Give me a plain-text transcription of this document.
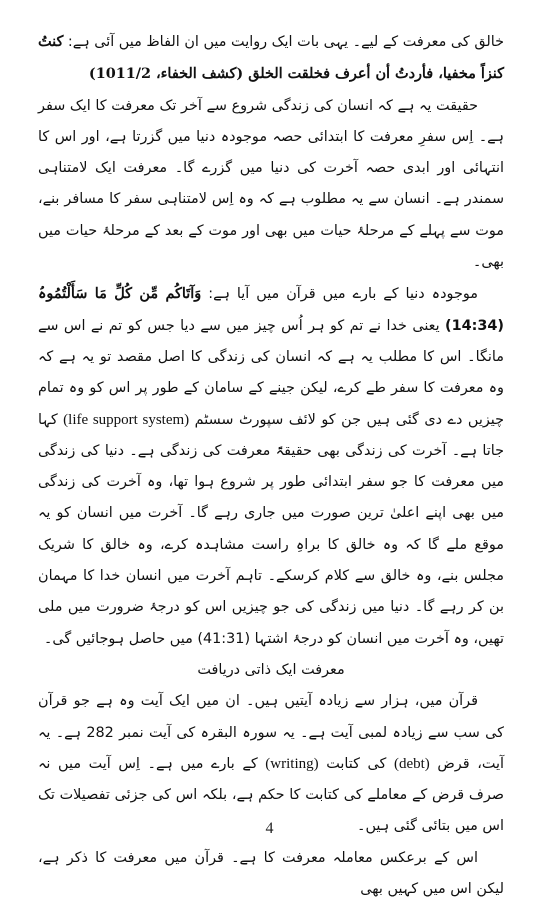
خالق کی معرفت کے لیے۔ یہی بات ایک روایت میں ان الفاظ میں آئی ہے: کنتُ کنزاً مخفیا، فأردتُ أن أعرف فخلقت الخلق (کشف الخفاء، 1011/2)

حقیقت یہ ہے کہ انسان کی زندگی شروع سے آخر تک معرفت کا ایک سفر ہے۔ اِس سفرِ معرفت کا ابتدائی حصہ موجودہ دنیا میں گزرتا ہے، اور اس کا انتہائی اور ابدی حصہ آخرت کی دنیا میں گزرے گا۔ معرفت ایک لامتناہی سمندر ہے۔ انسان سے یہ مطلوب ہے کہ وہ اِس لامتناہی سفر کا مسافر بنے، موت سے پہلے کے مرحلۂ حیات میں بھی اور موت کے بعد کے مرحلۂ حیات میں بھی۔

موجودہ دنیا کے بارے میں قرآن میں آیا ہے: وَآتَاکُم مِّن کُلِّ مَا سَأَلْتُمُوہُ (14:34) یعنی خدا نے تم کو ہر اُس چیز میں سے دیا جس کو تم نے اس سے مانگا۔ اس کا مطلب یہ ہے کہ انسان کی زندگی کا اصل مقصد تو یہ ہے کہ وہ معرفت کا سفر طے کرے، لیکن جینے کے سامان کے طور پر اس کو وہ تمام چیزیں دے دی گئی ہیں جن کو لائف سپورٹ سسٹم (life support system) کہا جاتا ہے۔ آخرت کی زندگی بھی حقیقۃً معرفت کی زندگی ہے۔ دنیا کی زندگی میں معرفت کا جو سفر ابتدائی طور پر شروع ہوا تھا، وہ آخرت کی زندگی میں بھی اپنے اعلیٰ ترین صورت میں جاری رہے گا۔ آخرت میں انسان کو یہ موقع ملے گا کہ وہ خالق کا براہِ راست مشاہدہ کرے، وہ خالق کا شریک مجلس بنے، وہ خالق سے کلام کرسکے۔ تاہم آخرت میں انسان خدا کا مہمان بن کر رہے گا۔ دنیا میں زندگی کی جو چیزیں اس کو درجۂ ضرورت میں ملی تھیں، وہ آخرت میں انسان کو درجۂ اشتہا (41:31) میں حاصل ہوجائیں گی۔

معرفت ایک ذاتی دریافت

قرآن میں، ہزار سے زیادہ آیتیں ہیں۔ ان میں ایک آیت وہ ہے جو قرآن کی سب سے زیادہ لمبی آیت ہے۔ یہ سورہ البقرہ کی آیت نمبر 282 ہے۔ یہ آیت، قرض (debt) کی کتابت (writing) کے بارے میں ہے۔ اِس آیت میں نہ صرف قرض کے معاملے کی کتابت کا حکم ہے، بلکہ اس کی جزئی تفصیلات تک اس میں بتائی گئی ہیں۔

اس کے برعکس معاملہ معرفت کا ہے۔ قرآن میں معرفت کا ذکر ہے، لیکن اس میں کہیں بھی

4
